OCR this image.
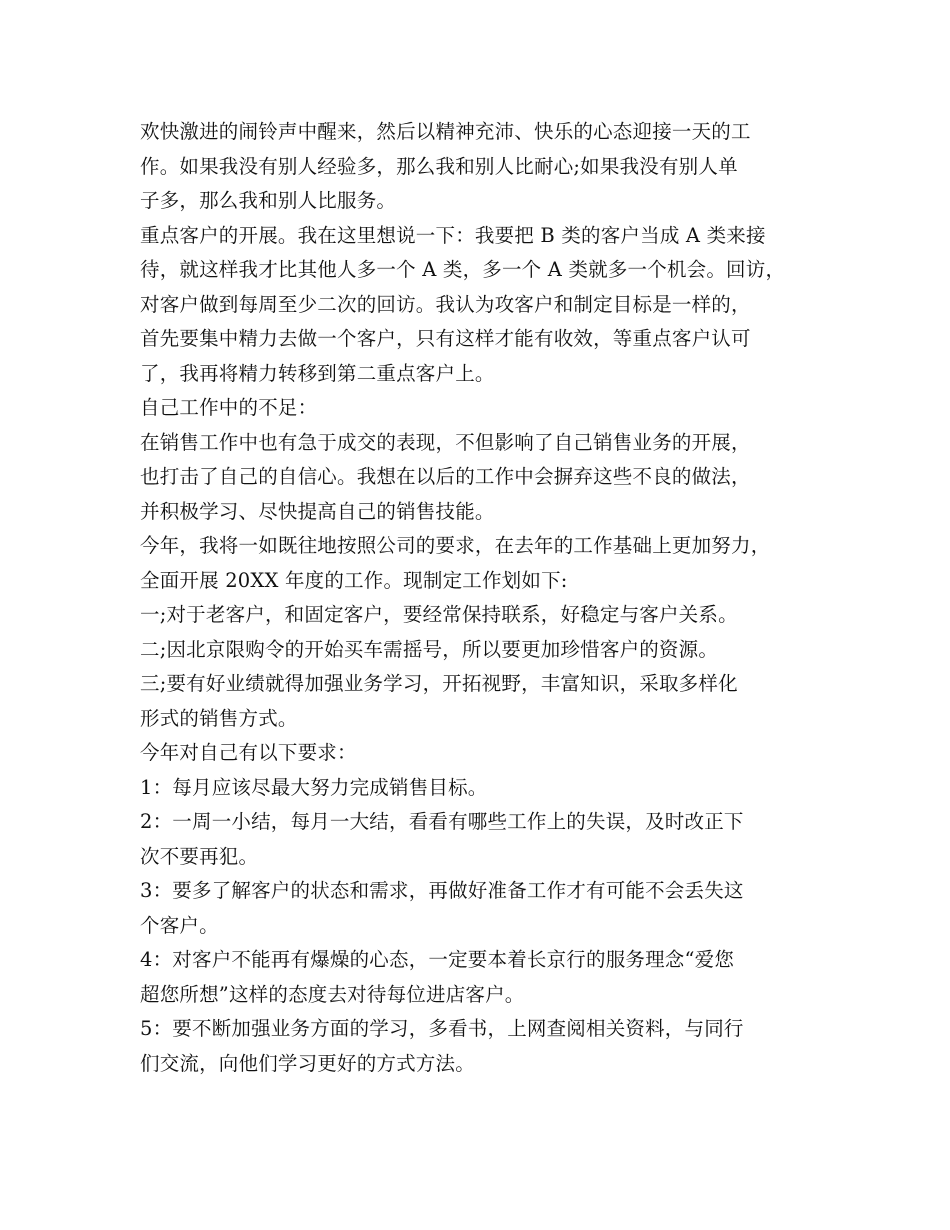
欢快激进的闹铃声中醒来，然后以精神充沛、快乐的心态迎接一天的工
作。如果我没有别人经验多，那么我和别人比耐心;如果我没有别人单
子多，那么我和别人比服务。
重点客户的开展。我在这里想说一下：我要把 B 类的客户当成 A 类来接
待，就这样我才比其他人多一个 A 类，多一个 A 类就多一个机会。回访，
对客户做到每周至少二次的回访。我认为攻客户和制定目标是一样的，
首先要集中精力去做一个客户，只有这样才能有收效，等重点客户认可
了，我再将精力转移到第二重点客户上。
自己工作中的不足：
在销售工作中也有急于成交的表现，不但影响了自己销售业务的开展，
也打击了自己的自信心。我想在以后的工作中会摒弃这些不良的做法，
并积极学习、尽快提高自己的销售技能。
今年，我将一如既往地按照公司的要求，在去年的工作基础上更加努力，
全面开展 20XX 年度的工作。现制定工作划如下:
一;对于老客户，和固定客户，要经常保持联系，好稳定与客户关系。
二;因北京限购令的开始买车需摇号，所以要更加珍惜客户的资源。
三;要有好业绩就得加强业务学习，开拓视野，丰富知识，采取多样化
形式的销售方式。
今年对自己有以下要求：
1：每月应该尽最大努力完成销售目标。
2：一周一小结，每月一大结，看看有哪些工作上的失误，及时改正下
次不要再犯。
3：要多了解客户的状态和需求，再做好准备工作才有可能不会丢失这
个客户。
4：对客户不能再有爆燥的心态，一定要本着长京行的服务理念“爱您
超您所想”这样的态度去对待每位进店客户。
5：要不断加强业务方面的学习，多看书，上网查阅相关资料，与同行
们交流，向他们学习更好的方式方法。
